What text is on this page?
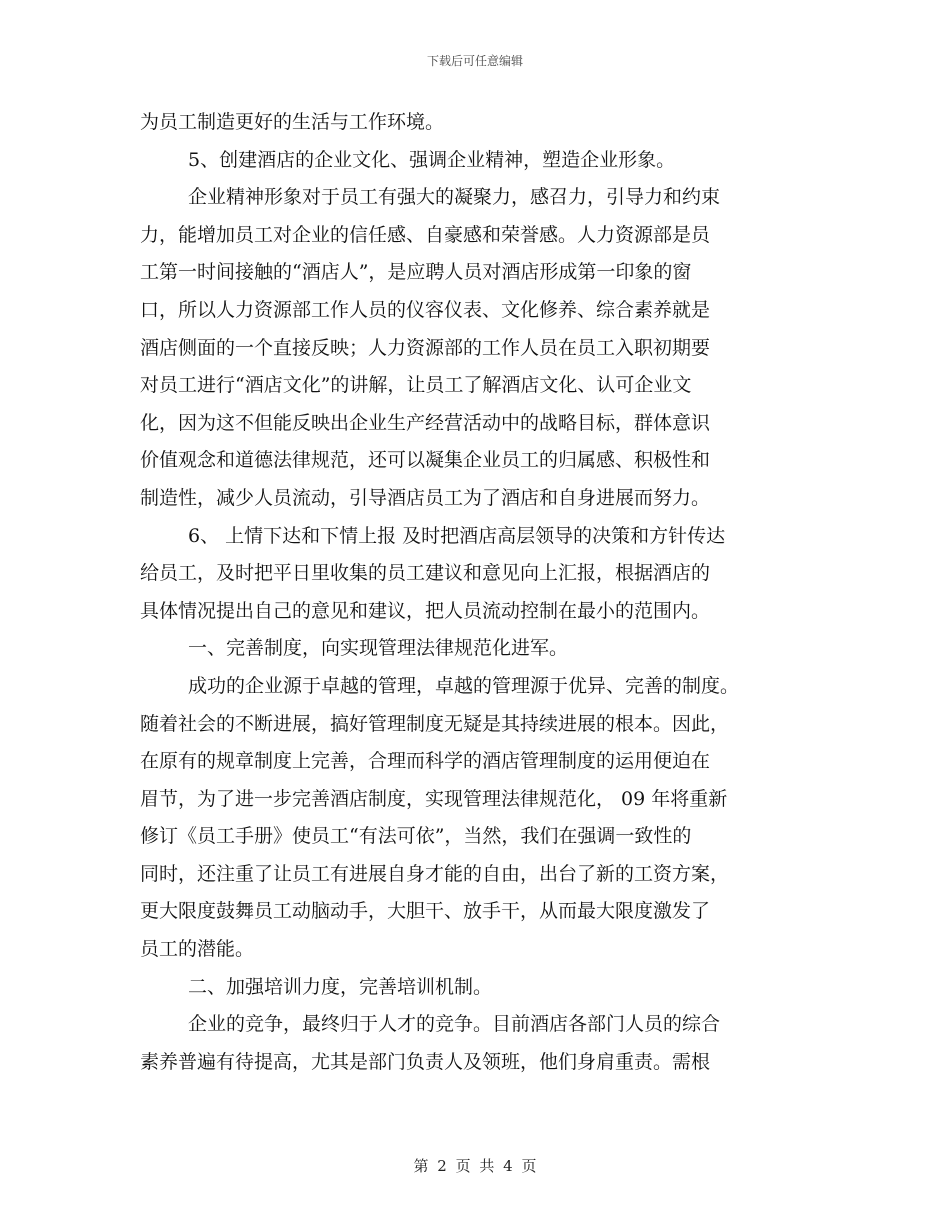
下载后可任意编辑
为员工制造更好的生活与工作环境。
5、创建酒店的企业文化、强调企业精神，塑造企业形象。
企业精神形象对于员工有强大的凝聚力，感召力，引导力和约束
力，能增加员工对企业的信任感、自豪感和荣誉感。人力资源部是员
工第一时间接触的“酒店人”，是应聘人员对酒店形成第一印象的窗
口，所以人力资源部工作人员的仪容仪表、文化修养、综合素养就是
酒店侧面的一个直接反映；人力资源部的工作人员在员工入职初期要
对员工进行“酒店文化”的讲解，让员工了解酒店文化、认可企业文
化，因为这不但能反映出企业生产经营活动中的战略目标，群体意识
价值观念和道德法律规范，还可以凝集企业员工的归属感、积极性和
制造性，减少人员流动，引导酒店员工为了酒店和自身进展而努力。
6、 上情下达和下情上报 及时把酒店高层领导的决策和方针传达
给员工，及时把平日里收集的员工建议和意见向上汇报，根据酒店的
具体情况提出自己的意见和建议，把人员流动控制在最小的范围内。
一、完善制度，向实现管理法律规范化进军。
成功的企业源于卓越的管理，卓越的管理源于优异、完善的制度。
随着社会的不断进展，搞好管理制度无疑是其持续进展的根本。因此，
在原有的规章制度上完善，合理而科学的酒店管理制度的运用便迫在
眉节，为了进一步完善酒店制度，实现管理法律规范化， 09 年将重新
修订《员工手册》使员工“有法可依”，当然，我们在强调一致性的
同时，还注重了让员工有进展自身才能的自由，出台了新的工资方案，
更大限度鼓舞员工动脑动手，大胆干、放手干，从而最大限度激发了
员工的潜能。
二、加强培训力度，完善培训机制。
企业的竞争，最终归于人才的竞争。目前酒店各部门人员的综合
素养普遍有待提高，尤其是部门负责人及领班，他们身肩重责。需根
第 2 页 共 4 页
